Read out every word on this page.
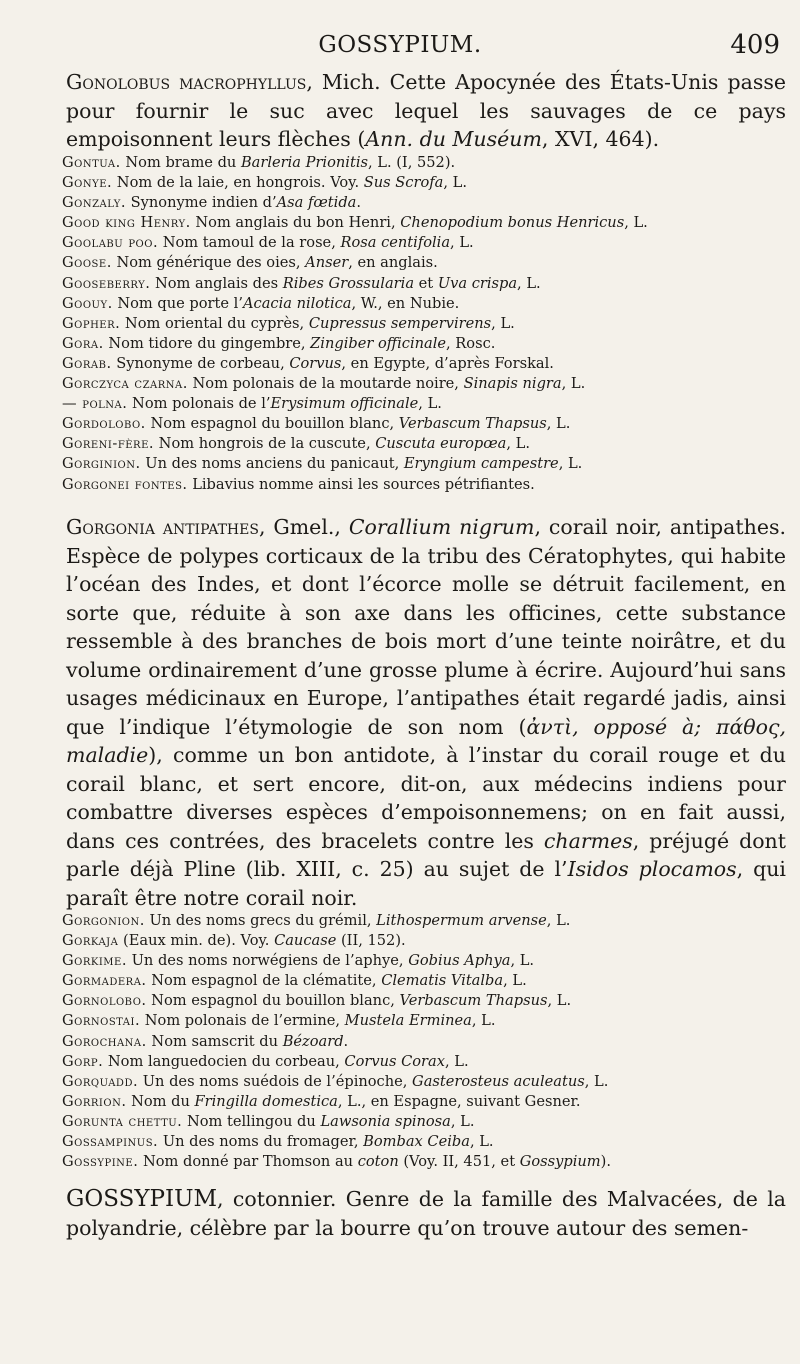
GOSSYPIUM.	409
Gonolobus macrophyllus, Mich. Cette Apocynée des États-Unis passe pour fournir le suc avec lequel les sauvages de ce pays empoisonnent leurs flèches (Ann. du Muséum, XVI, 464).
Gontua. Nom brame du Barleria Prionitis, L. (I, 552).
Gonye. Nom de la laie, en hongrois. Voy. Sus Scrofa, L.
Gonzaly. Synonyme indien d’Asa fœtida.
Good king Henry. Nom anglais du bon Henri, Chenopodium bonus Henricus, L.
Goolabu poo. Nom tamoul de la rose, Rosa centifolia, L.
Goose. Nom générique des oies, Anser, en anglais.
Gooseberry. Nom anglais des Ribes Grossularia et Uva crispa, L.
Goouy. Nom que porte l’Acacia nilotica, W., en Nubie.
Gopher. Nom oriental du cyprès, Cupressus sempervirens, L.
Gora. Nom tidore du gingembre, Zingiber officinale, Rosc.
Gorab. Synonyme de corbeau, Corvus, en Egypte, d’après Forskal.
Gorczyca czarna. Nom polonais de la moutarde noire, Sinapis nigra, L.
— polna. Nom polonais de l’Erysimum officinale, L.
Gordolobo. Nom espagnol du bouillon blanc, Verbascum Thapsus, L.
Goreni-fère. Nom hongrois de la cuscute, Cuscuta europœa, L.
Gorginion. Un des noms anciens du panicaut, Eryngium campestre, L.
Gorgonei fontes. Libavius nomme ainsi les sources pétrifiantes.
Gorgonia antipathes, Gmel., Corallium nigrum, corail noir, antipathes. Espèce de polypes corticaux de la tribu des Cératophytes, qui habite l’océan des Indes, et dont l’écorce molle se détruit facilement, en sorte que, réduite à son axe dans les officines, cette substance ressemble à des branches de bois mort d’une teinte noirâtre, et du volume ordinairement d’une grosse plume à écrire. Aujourd’hui sans usages médicinaux en Europe, l’antipathes était regardé jadis, ainsi que l’indique l’étymologie de son nom (ἀντὶ, opposé à; πάθος, maladie), comme un bon antidote, à l’instar du corail rouge et du corail blanc, et sert encore, dit-on, aux médecins indiens pour combattre diverses espèces d’empoisonnemens; on en fait aussi, dans ces contrées, des bracelets contre les charmes, préjugé dont parle déjà Pline (lib. XIII, c. 25) au sujet de l’Isidos plocamos, qui paraît être notre corail noir.
Gorgonion. Un des noms grecs du grémil, Lithospermum arvense, L.
Gorkaja (Eaux min. de). Voy. Caucase (II, 152).
Gorkime. Un des noms norwégiens de l’aphye, Gobius Aphya, L.
Gormadera. Nom espagnol de la clématite, Clematis Vitalba, L.
Gornolobo. Nom espagnol du bouillon blanc, Verbascum Thapsus, L.
Gornostai. Nom polonais de l’ermine, Mustela Erminea, L.
Gorochana. Nom samscrit du Bézoard.
Gorp. Nom languedocien du corbeau, Corvus Corax, L.
Gorquadd. Un des noms suédois de l’épinoche, Gasterosteus aculeatus, L.
Gorrion. Nom du Fringilla domestica, L., en Espagne, suivant Gesner.
Gorunta chettu. Nom tellingou du Lawsonia spinosa, L.
Gossampinus. Un des noms du fromager, Bombax Ceiba, L.
Gossypine. Nom donné par Thomson au coton (Voy. II, 451, et Gossypium).
GOSSYPIUM, cotonnier. Genre de la famille des Malvacées, de la polyandrie, célèbre par la bourre qu’on trouve autour des semen-
